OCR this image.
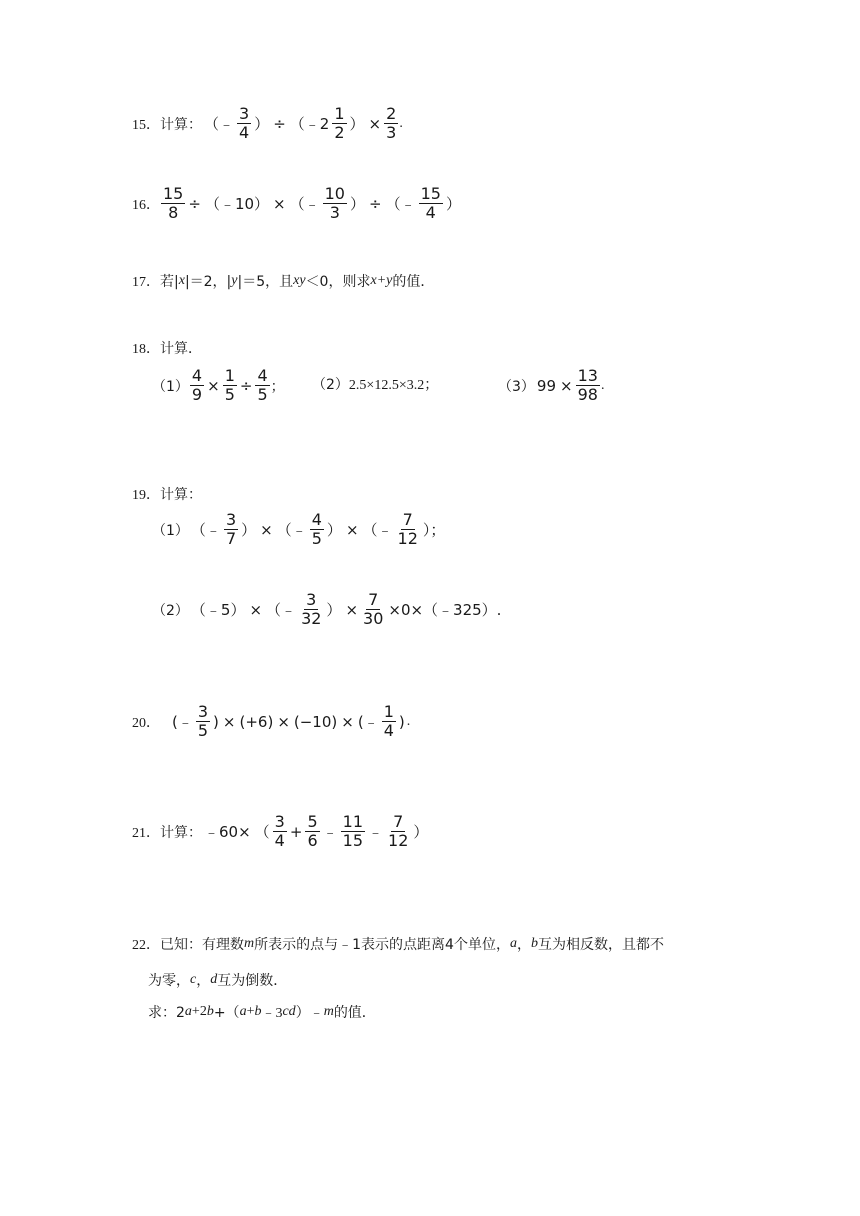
15． 计算： （﹣ $\frac{3}{4}$ ） ÷ （﹣2 $\frac{1}{2}$ ） × $\frac{2}{3}$ .
16． $\frac{15}{8}$ ÷ （﹣10） × （﹣ $\frac{10}{3}$ ） ÷ （﹣ $\frac{15}{4}$ ）
17． 若| x |＝2，| y |＝5，且 xy ＜0，则求 x+y 的值．
18． 计算．
$(1) \frac{4}{9} \times \frac{1}{5} \div \frac{4}{5}$ ； （2） 2.5×12.5×3.2；	（3） $99 \times \frac{13}{98}$ .
19． 计算：
（1） （﹣ $\frac{3}{7}$ ） × （﹣ $\frac{4}{5}$ ） × （﹣ $\frac{7}{12}$ ）；
（2） （﹣5） × （﹣ $\frac{3}{32}$ ） × $\frac{7}{30}$ ×0×（﹣325）.
20． (﹣ $\frac{3}{5}$ ) × (+6) × (−10) × (﹣ $\frac{1}{4}$ ) .
21． 计算： ﹣60× （ $\frac{3}{4} + \frac{5}{6}$ ﹣ $\frac{11}{15}$ ﹣ $\frac{7}{12}$ ）
22． 已知：有理数 m 所表示的点与﹣1表示的点距离4个单位， a ， b 互为相反数，且都不
为零， c ， d 互为倒数．
求：2 a +2 b +（ a + b ﹣3 cd ）﹣ m 的值．
